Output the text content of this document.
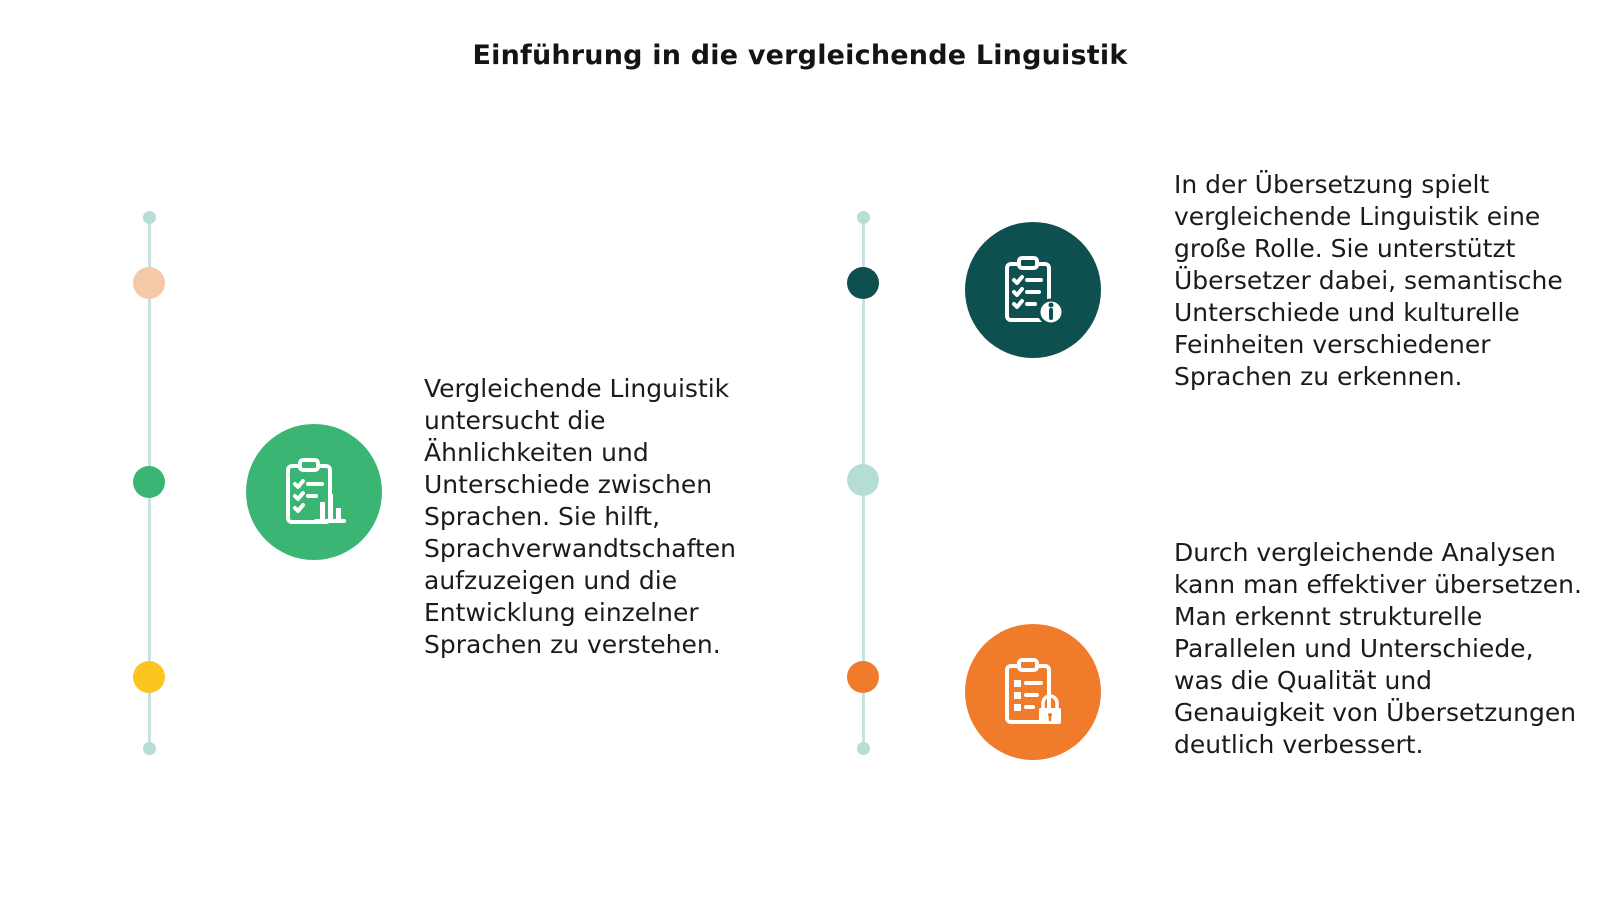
Einführung in die vergleichende Linguistik

Vergleichende Linguistik untersucht die Ähnlichkeiten und Unterschiede zwischen Sprachen. Sie hilft, Sprachverwandtschaften aufzuzeigen und die Entwicklung einzelner Sprachen zu verstehen.

In der Übersetzung spielt vergleichende Linguistik eine große Rolle. Sie unterstützt Übersetzer dabei, semantische Unterschiede und kulturelle Feinheiten verschiedener Sprachen zu erkennen.

Durch vergleichende Analysen kann man effektiver übersetzen. Man erkennt strukturelle Parallelen und Unterschiede, was die Qualität und Genauigkeit von Übersetzungen deutlich verbessert.
